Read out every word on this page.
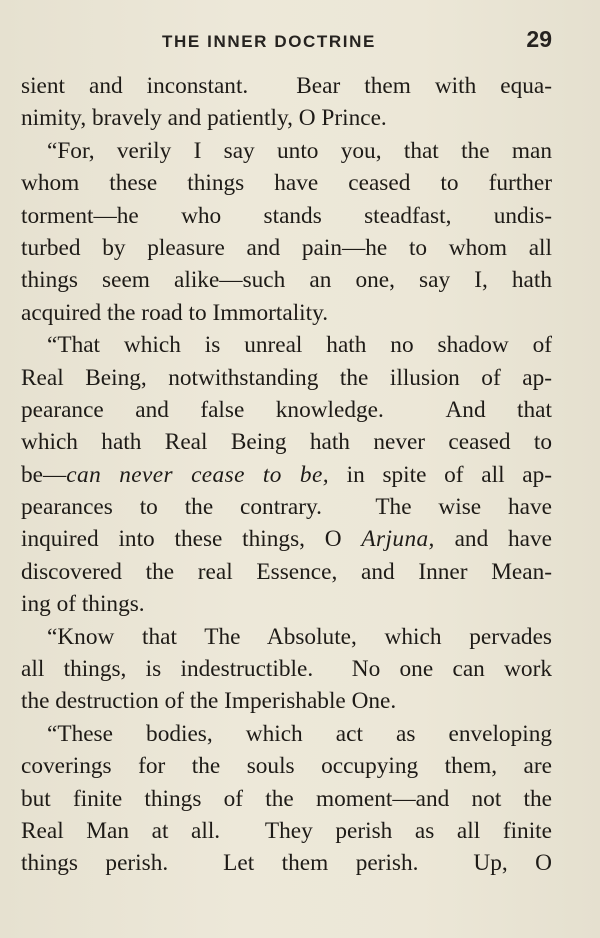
THE INNER DOCTRINE	29
sient and inconstant.  Bear them with equa-
nimity, bravely and patiently, O Prince.
“For, verily I say unto you, that the man
whom these things have ceased to further
torment—he who stands steadfast, undis-
turbed by pleasure and pain—he to whom all
things seem alike—such an one, say I, hath
acquired the road to Immortality.
“That which is unreal hath no shadow of
Real Being, notwithstanding the illusion of ap-
pearance and false knowledge.  And that
which hath Real Being hath never ceased to
be—can never cease to be, in spite of all ap-
pearances to the contrary.  The wise have
inquired into these things, O Arjuna, and have
discovered the real Essence, and Inner Mean-
ing of things.
“Know that The Absolute, which pervades
all things, is indestructible.  No one can work
the destruction of the Imperishable One.
“These bodies, which act as enveloping
coverings for the souls occupying them, are
but finite things of the moment—and not the
Real Man at all.  They perish as all finite
things perish.  Let them perish.  Up, O
